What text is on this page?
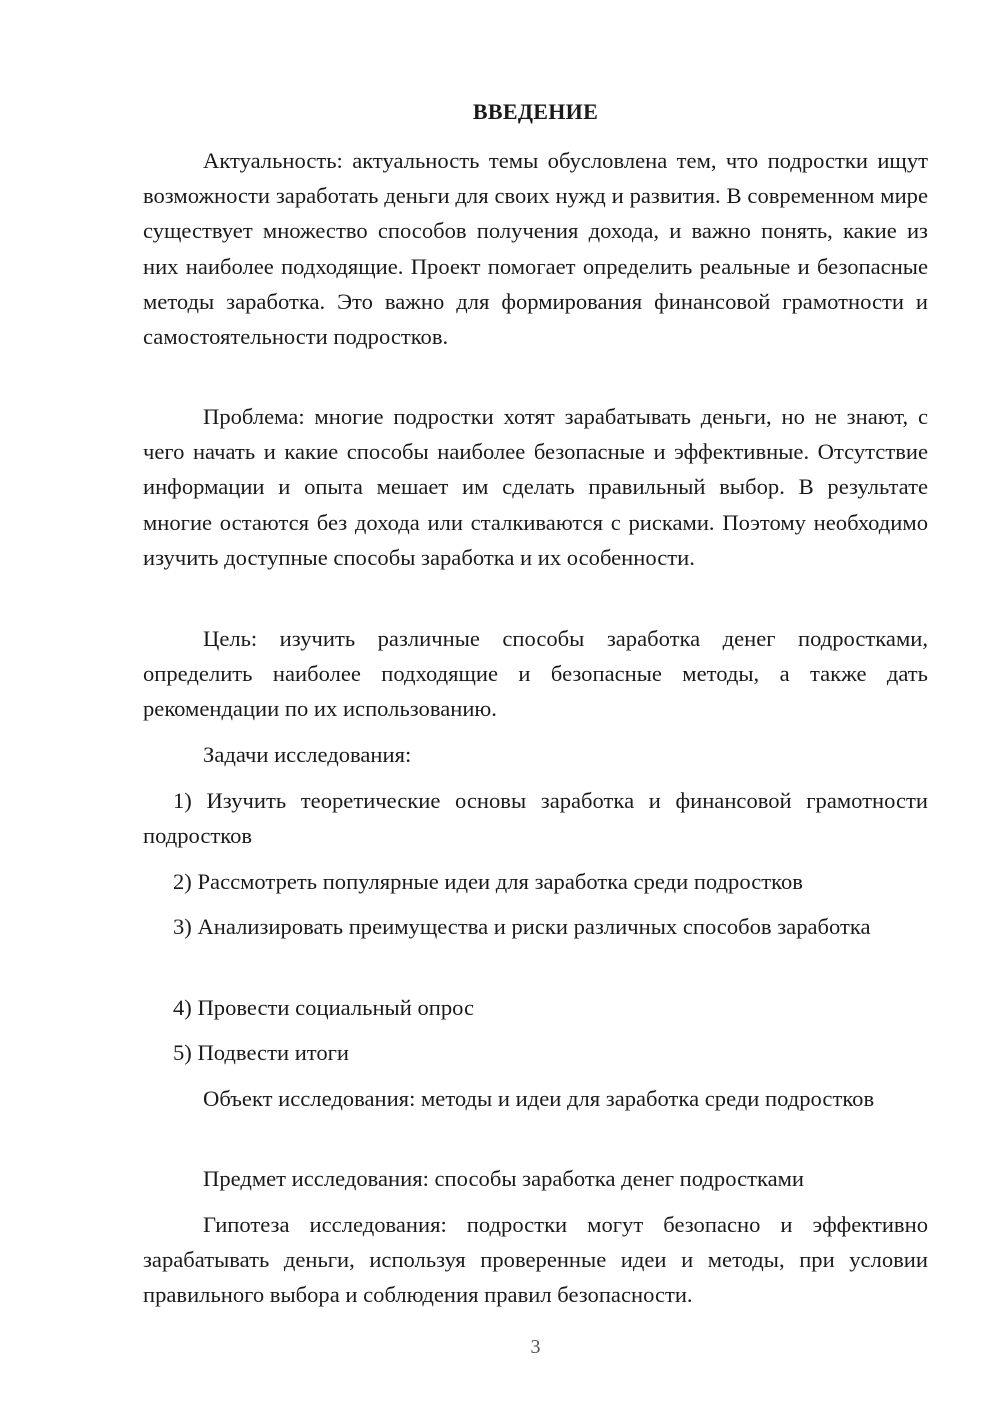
ВВЕДЕНИЕ

Актуальность: актуальность темы обусловлена тем, что подростки ищут возможности заработать деньги для своих нужд и развития. В современном мире существует множество способов получения дохода, и важно понять, какие из них наиболее подходящие. Проект помогает определить реальные и безопасные методы заработка. Это важно для формирования финансовой грамотности и самостоятельности подростков.

Проблема: многие подростки хотят зарабатывать деньги, но не знают, с чего начать и какие способы наиболее безопасные и эффективные. Отсутствие информации и опыта мешает им сделать правильный выбор. В результате многие остаются без дохода или сталкиваются с рисками. Поэтому необходимо изучить доступные способы заработка и их особенности.

Цель: изучить различные способы заработка денег подростками, определить наиболее подходящие и безопасные методы, а также дать рекомендации по их использованию.

Задачи исследования:

1) Изучить теоретические основы заработка и финансовой грамотности подростков

2) Рассмотреть популярные идеи для заработка среди подростков

3) Анализировать преимущества и риски различных способов заработка

4) Провести социальный опрос

5) Подвести итоги

Объект исследования: методы и идеи для заработка среди подростков

Предмет исследования: способы заработка денег подростками

Гипотеза исследования: подростки могут безопасно и эффективно зарабатывать деньги, используя проверенные идеи и методы, при условии правильного выбора и соблюдения правил безопасности.

3
